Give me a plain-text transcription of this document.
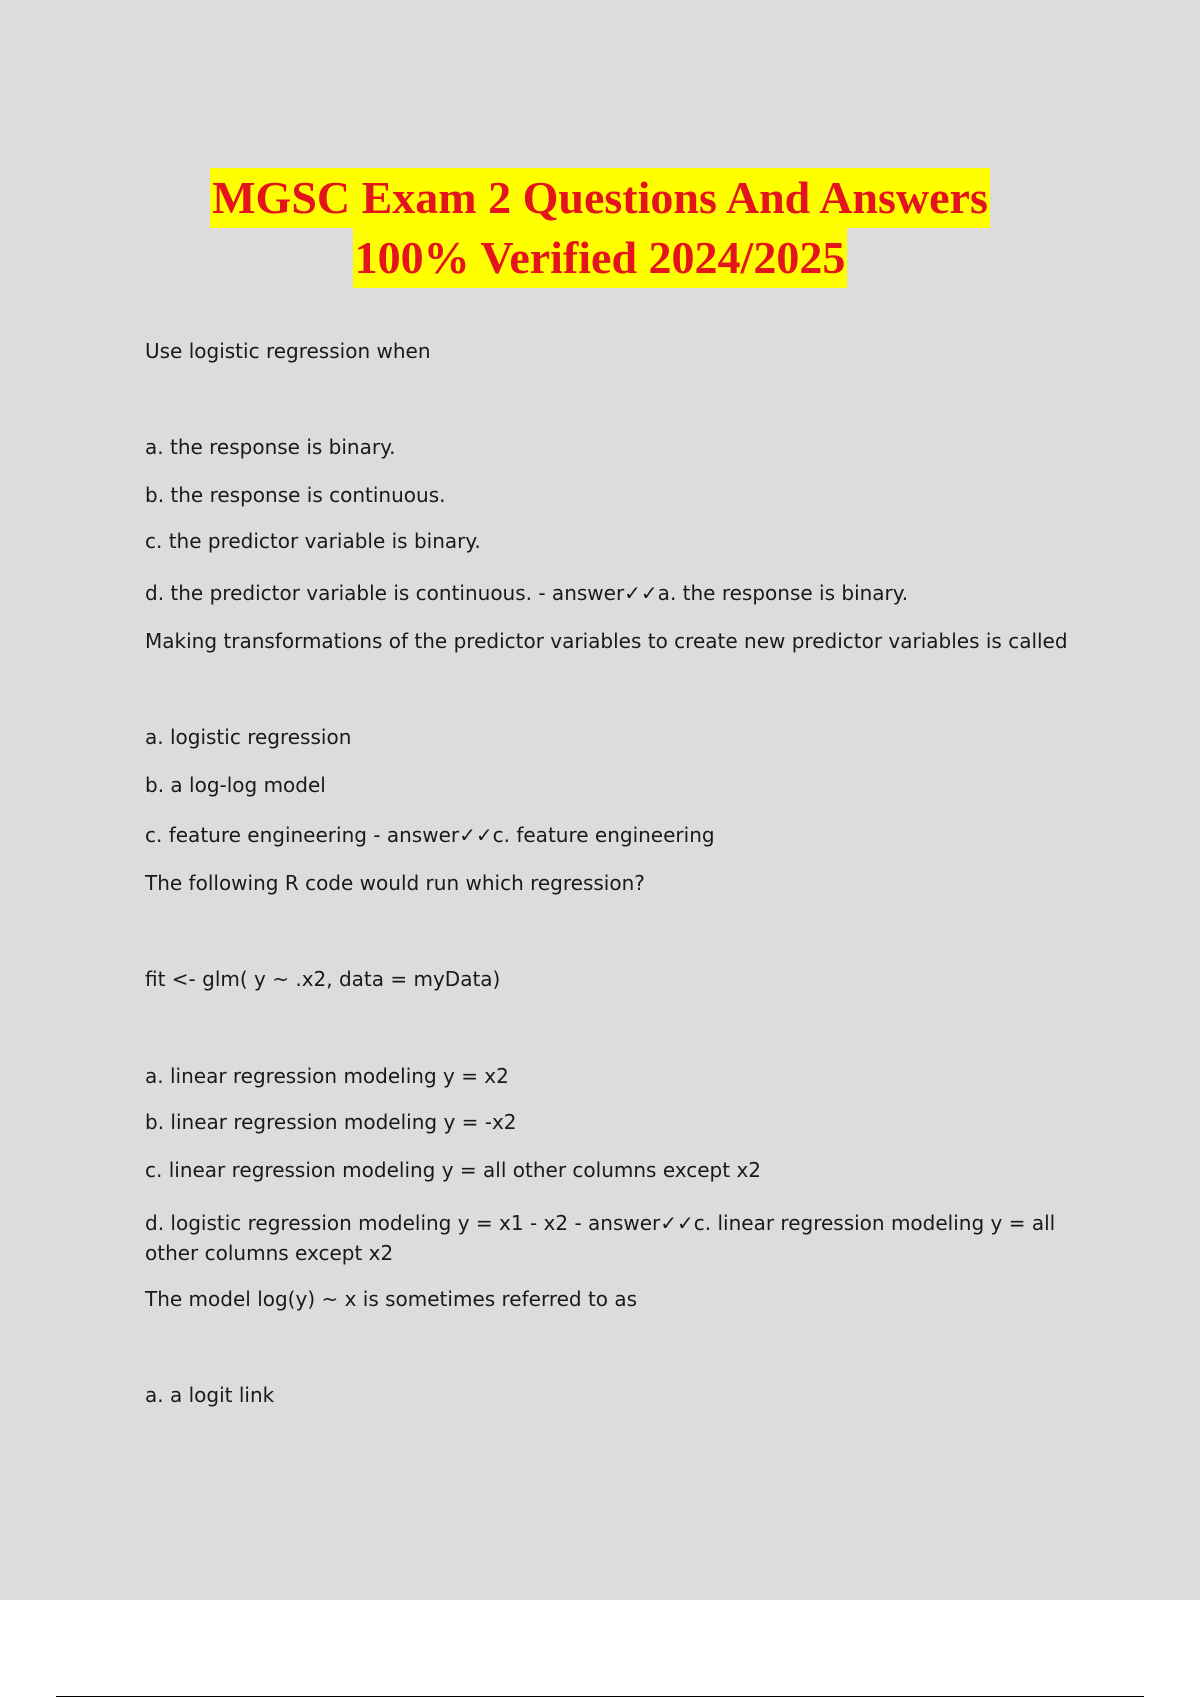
MGSC Exam 2 Questions And Answers
100% Verified 2024/2025
Use logistic regression when
a. the response is binary.
b. the response is continuous.
c. the predictor variable is binary.
d. the predictor variable is continuous. - answer✓✓a. the response is binary.
Making transformations of the predictor variables to create new predictor variables is called
a. logistic regression
b. a log-log model
c. feature engineering - answer✓✓c. feature engineering
The following R code would run which regression?
fit <- glm( y ~ .x2, data = myData)
a. linear regression modeling y = x2
b. linear regression modeling y = -x2
c. linear regression modeling y = all other columns except x2
d. logistic regression modeling y = x1 - x2 - answer✓✓c. linear regression modeling y = all other columns except x2
The model log(y) ~ x is sometimes referred to as
a. a logit link
